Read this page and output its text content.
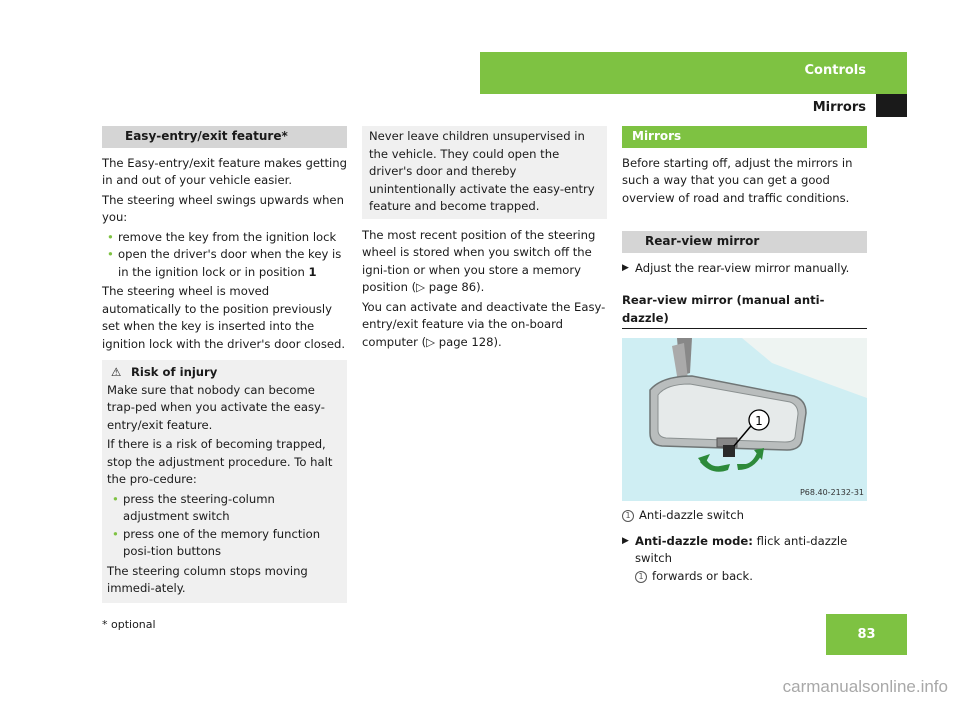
Controls
Mirrors
Easy-entry/exit feature*

The Easy-entry/exit feature makes getting in and out of your vehicle easier.

The steering wheel swings upwards when you:

• remove the key from the ignition lock
• open the driver's door when the key is in the ignition lock or in position 1

The steering wheel is moved automatically to the position previously set when the key is inserted into the ignition lock with the driver's door closed.

⚠ Risk of injury

Make sure that nobody can become trap-ped when you activate the easy-entry/exit feature.

If there is a risk of becoming trapped, stop the adjustment procedure. To halt the pro-cedure:

• press the steering-column adjustment switch
• press one of the memory function posi-tion buttons

The steering column stops moving immedi-ately.

Never leave children unsupervised in the vehicle. They could open the driver's door and thereby unintentionally activate the easy-entry feature and become trapped.

The most recent position of the steering wheel is stored when you switch off the igni-tion or when you store a memory position (▷ page 86).

You can activate and deactivate the Easy-entry/exit feature via the on-board computer (▷ page 128).

Mirrors

Before starting off, adjust the mirrors in such a way that you can get a good overview of road and traffic conditions.

Rear-view mirror
▶ Adjust the rear-view mirror manually.
Rear-view mirror (manual anti-dazzle)
1
P68.40-2132-31
1 Anti-dazzle switch
▶ Anti-dazzle mode: flick anti-dazzle switch
1 forwards or back.
* optional
83
carmanualsonline.info
